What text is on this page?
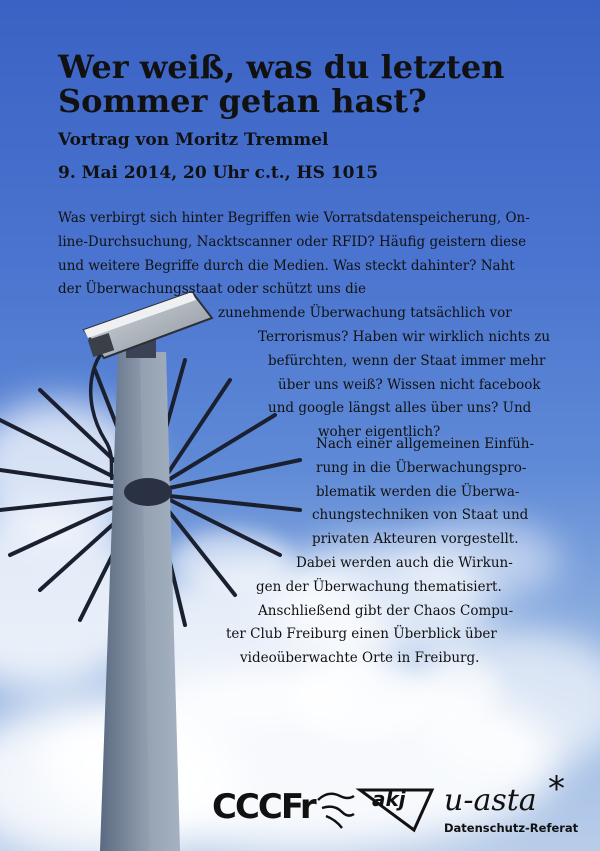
Wer weiß, was du letzten
Sommer getan hast?
Vortrag von Moritz Tremmel
9. Mai 2014, 20 Uhr c.t., HS 1015
Was verbirgt sich hinter Begriffen wie Vorratsdatenspeicherung, On-
line-Durchsuchung, Nacktscanner oder RFID? Häufig geistern diese
und weitere Begriffe durch die Medien. Was steckt dahinter? Naht
der Überwachungsstaat oder schützt uns die
zunehmende Überwachung tatsächlich vor
Terrorismus? Haben wir wirklich nichts zu
befürchten, wenn der Staat immer mehr
über uns weiß? Wissen nicht facebook
und google längst alles über uns? Und
woher eigentlich?
Nach einer allgemeinen Einfüh-
rung in die Überwachungspro-
blematik werden die Überwa-
chungstechniken von Staat und
privaten Akteuren vorgestellt.
Dabei werden auch die Wirkun-
gen der Überwachung thematisiert.
Anschließend gibt der Chaos Compu-
ter Club Freiburg einen Überblick über
videoüberwachte Orte in Freiburg.
CCCFr	akj u-asta *
Datenschutz-Referat
